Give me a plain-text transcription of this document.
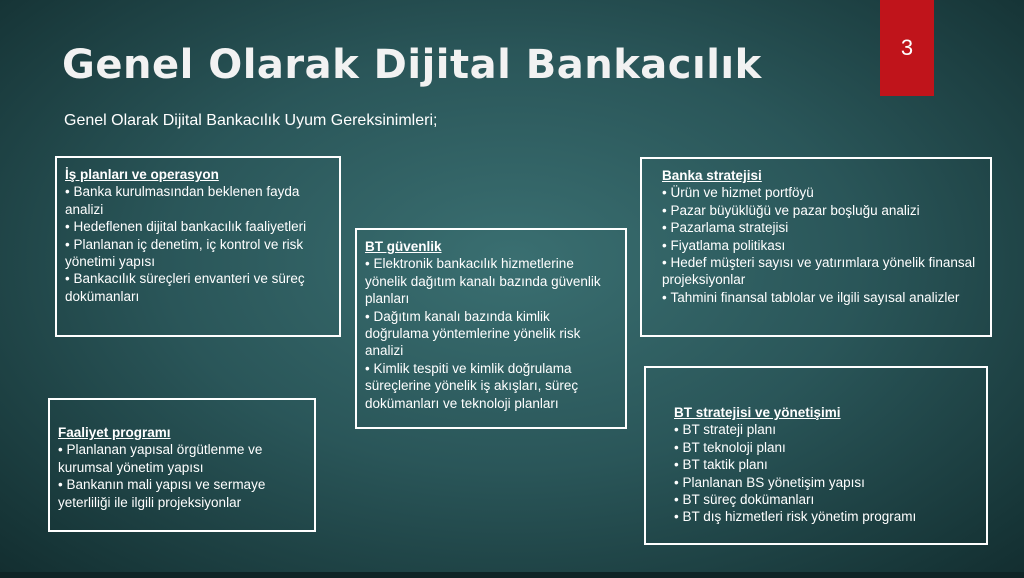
Genel Olarak Dijital Bankacılık

Genel Olarak Dijital Bankacılık Uyum Gereksinimleri;

3

İş planları ve operasyon

• Banka kurulmasından beklenen fayda analizi
• Hedeflenen dijital bankacılık faaliyetleri
• Planlanan iç denetim, iç kontrol ve risk yönetimi yapısı
• Bankacılık süreçleri envanteri ve süreç dokümanları

Faaliyet programı

• Planlanan yapısal örgütlenme ve kurumsal yönetim yapısı
• Bankanın mali yapısı ve sermaye yeterliliği ile ilgili projeksiyonlar

BT güvenlik

• Elektronik bankacılık hizmetlerine yönelik dağıtım kanalı bazında güvenlik planları
• Dağıtım kanalı bazında kimlik doğrulama yöntemlerine yönelik risk analizi
• Kimlik tespiti ve kimlik doğrulama süreçlerine yönelik iş akışları, süreç dokümanları ve teknoloji planları

Banka stratejisi

• Ürün ve hizmet portföyü
• Pazar büyüklüğü ve pazar boşluğu analizi
• Pazarlama stratejisi
• Fiyatlama politikası
• Hedef müşteri sayısı ve yatırımlara yönelik finansal projeksiyonlar
• Tahmini finansal tablolar ve ilgili sayısal analizler

BT stratejisi ve yönetişimi

• BT strateji planı
• BT teknoloji planı
• BT taktik planı
• Planlanan BS yönetişim yapısı
• BT süreç dokümanları
• BT dış hizmetleri risk yönetim programı
